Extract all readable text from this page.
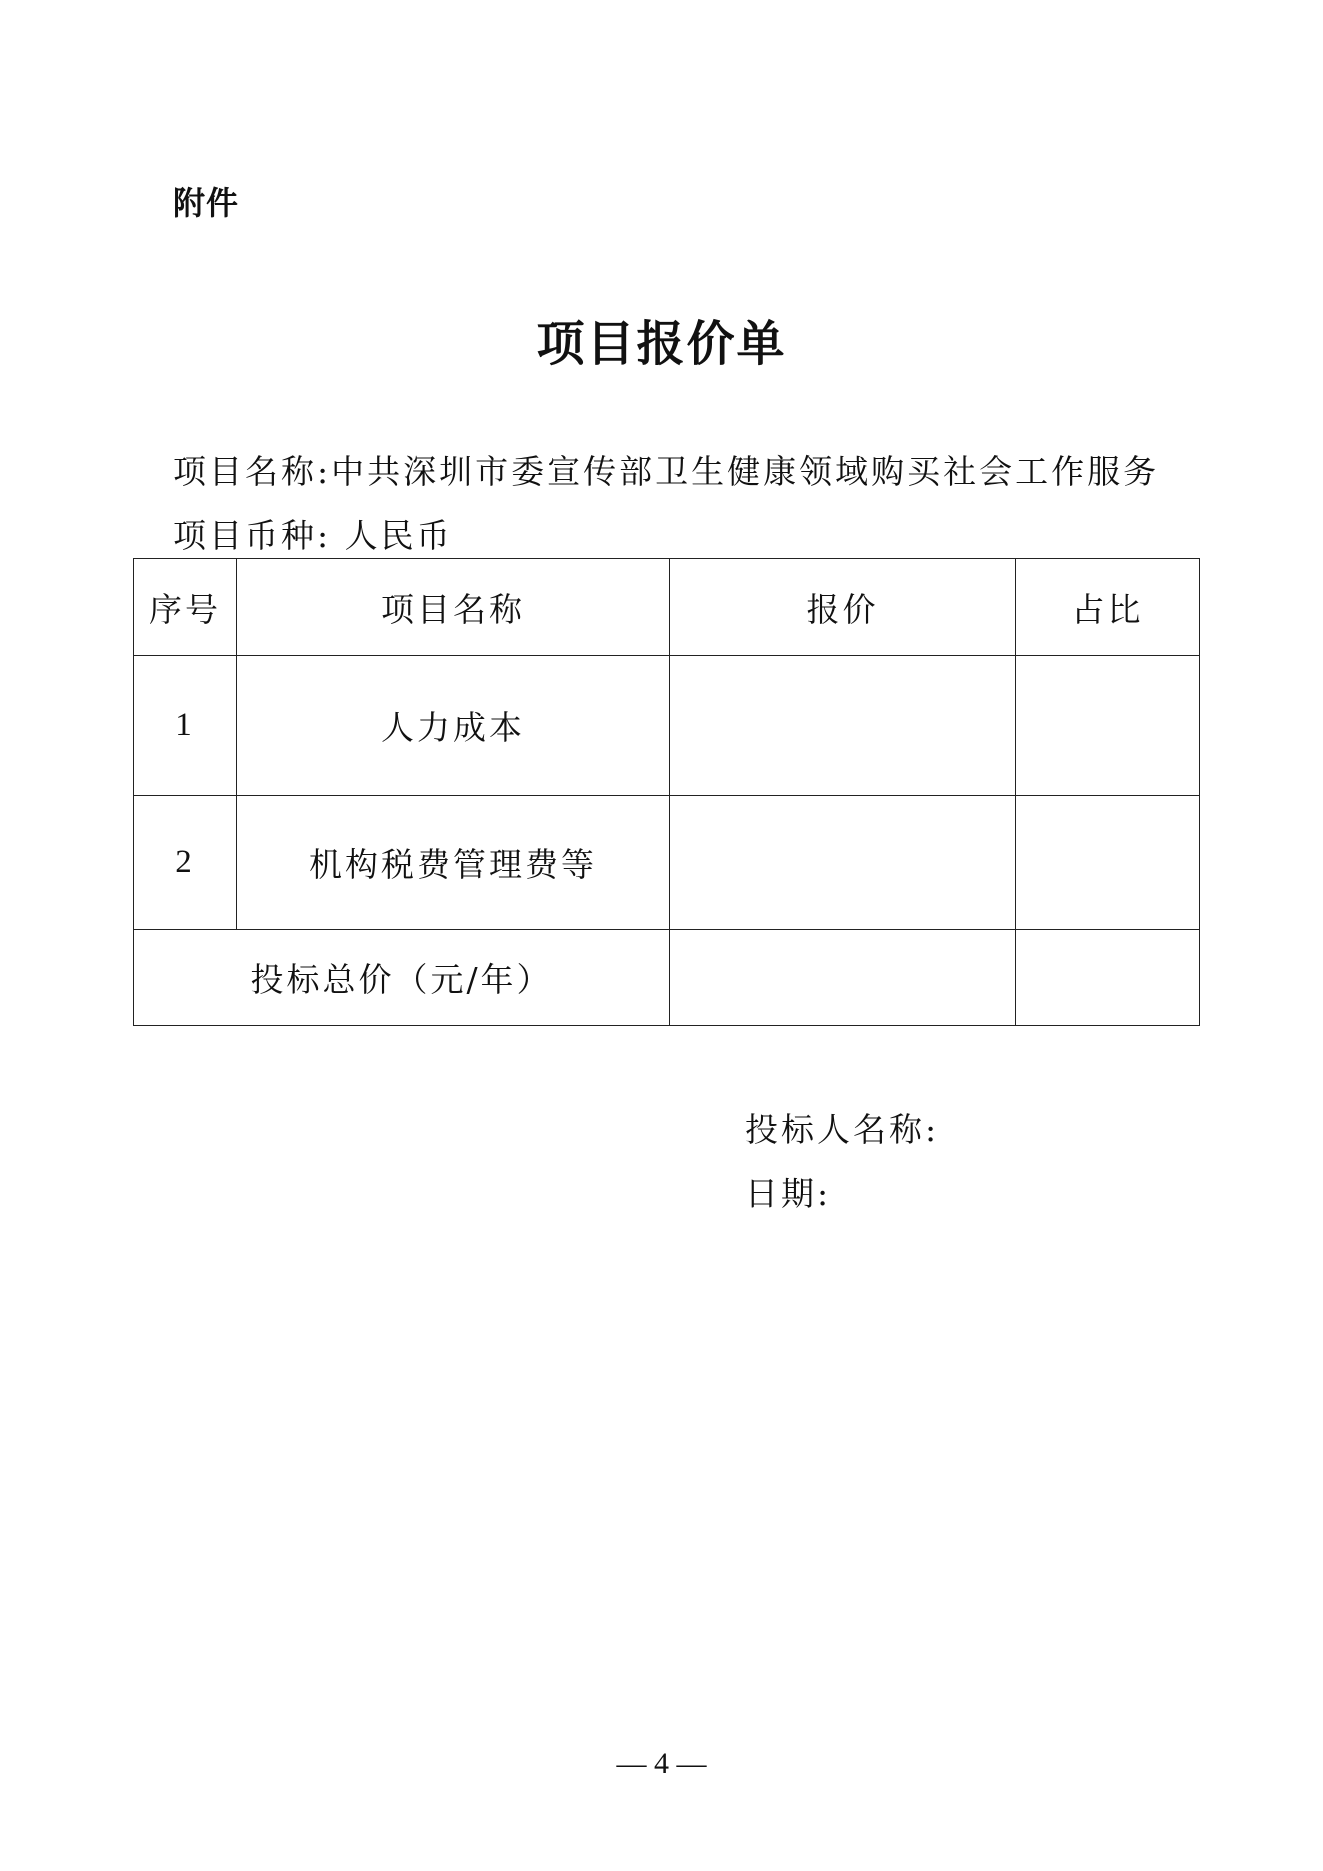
附件
项目报价单
项目名称:中共深圳市委宣传部卫生健康领域购买社会工作服务
项目币种: 人民币
序号	项目名称	报价	占比
1	人力成本		
2	机构税费管理费等		
投标总价（元/年）			
投标人名称:
日期:
— 4 —
